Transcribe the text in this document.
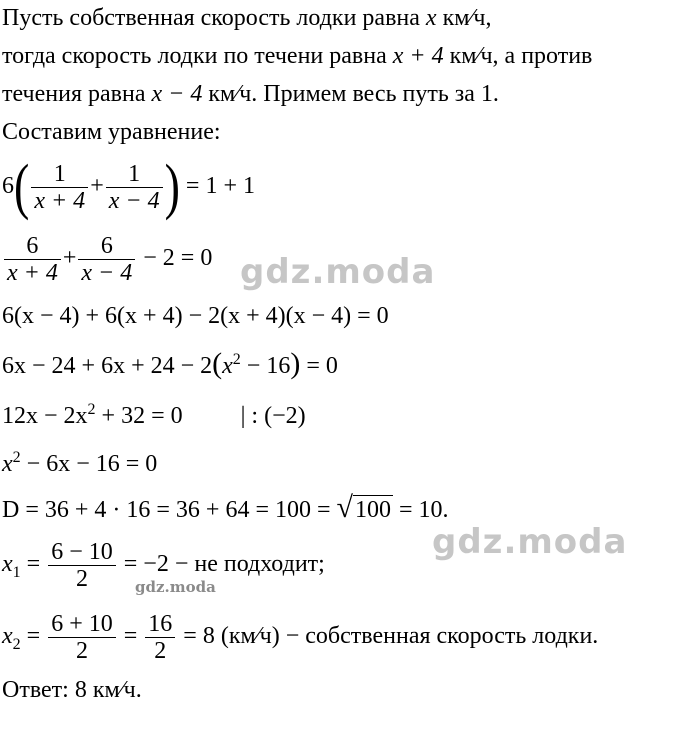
Пусть собственная скорость лодки равна x км⁄ч,
тогда скорость лодки по течени равна x + 4 км⁄ч, а против
течения равна x − 4 км⁄ч. Примем весь путь за 1.
Составим уравнение:
$6( \frac{1}{x + 4} + \frac{1}{x - 4}$ ) = 1 + 1
$\frac{6}{x + 4} + \frac{6}{x - 4} - 2 = 0$
6(x − 4) + 6(x + 4) − 2(x + 4)(x − 4) = 0
$6x - 24 + 6x + 24 - 2(x^2 - 16) = 0$
$12x - 2x^2 + 32 = 0$ | : (−2)
$x^2 - 6x - 16 = 0$
D = 36 + 4 · 16 = 36 + 64 = 100 = √100 = 10.
$x_1 = \frac{6 - 10}{2} = -2$ − не подходит;
$x_2 = \frac{6 + 10}{2} = \frac{16}{2} = 8$ (км⁄ч) − собственная скорость лодки.
Ответ: 8 км⁄ч.
gdz.moda
gdz.moda
gdz.moda
